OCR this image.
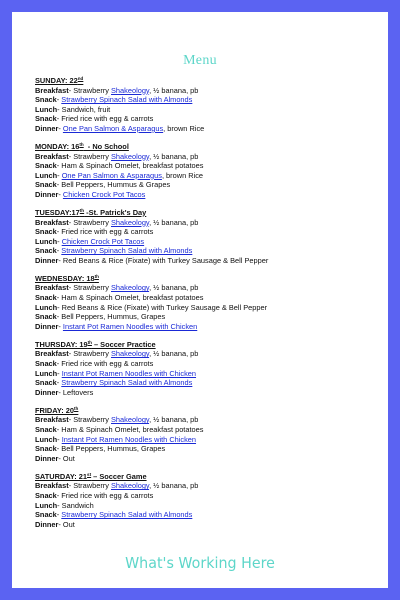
Menu
SUNDAY: 22nd
Breakfast- Strawberry Shakeology, ½ banana, pb
Snack- Strawberry Spinach Salad with Almonds
Lunch- Sandwich, fruit
Snack- Fried rice with egg & carrots
Dinner- One Pan Salmon & Asparagus, brown Rice
MONDAY: 16th  - No School
Breakfast- Strawberry Shakeology, ½ banana, pb
Snack- Ham & Spinach Omelet, breakfast potatoes
Lunch- One Pan Salmon & Asparagus, brown Rice
Snack- Bell Peppers, Hummus & Grapes
Dinner- Chicken Crock Pot Tacos
TUESDAY:17th -St. Patrick's Day
Breakfast- Strawberry Shakeology, ½ banana, pb
Snack- Fried rice with egg & carrots
Lunch- Chicken Crock Pot Tacos
Snack- Strawberry Spinach Salad with Almonds
Dinner- Red Beans & Rice (Fixate) with Turkey Sausage & Bell Pepper
WEDNESDAY: 18th
Breakfast- Strawberry Shakeology, ½ banana, pb
Snack- Ham & Spinach Omelet, breakfast potatoes
Lunch- Red Beans & Rice (Fixate) with Turkey Sausage & Bell Pepper
Snack- Bell Peppers, Hummus, Grapes
Dinner- Instant Pot Ramen Noodles with Chicken
THURSDAY: 19th – Soccer Practice
Breakfast- Strawberry Shakeology, ½ banana, pb
Snack- Fried rice with egg & carrots
Lunch- Instant Pot Ramen Noodles with Chicken
Snack- Strawberry Spinach Salad with Almonds
Dinner- Leftovers
FRIDAY: 20th
Breakfast- Strawberry Shakeology, ½ banana, pb
Snack- Ham & Spinach Omelet, breakfast potatoes
Lunch- Instant Pot Ramen Noodles with Chicken
Snack- Bell Peppers, Hummus, Grapes
Dinner- Out
SATURDAY: 21st – Soccer Game
Breakfast- Strawberry Shakeology, ½ banana, pb
Snack- Fried rice with egg & carrots
Lunch- Sandwich
Snack- Strawberry Spinach Salad with Almonds
Dinner- Out
What's Working Here
